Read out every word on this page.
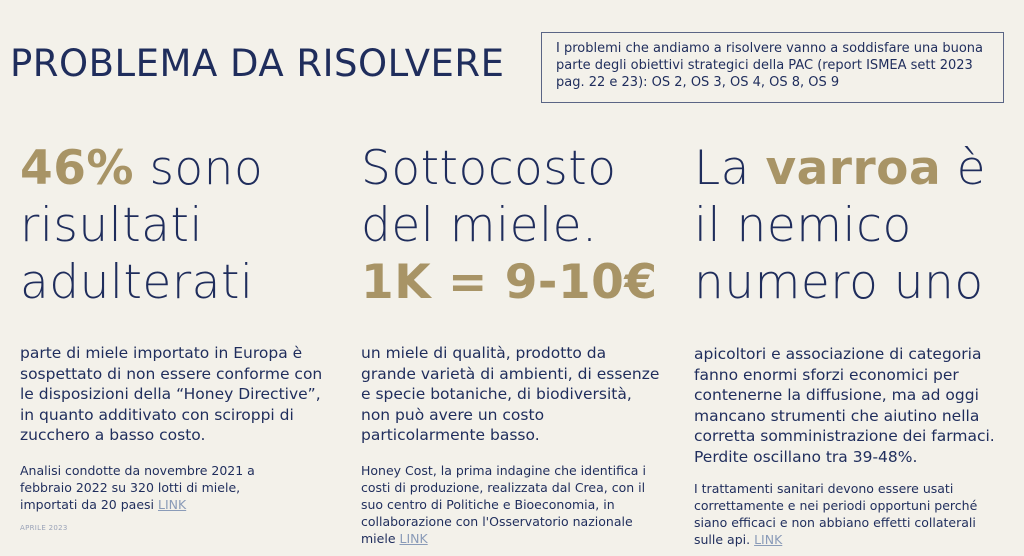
PROBLEMA DA RISOLVERE	I problemi che andiamo a risolvere vanno a soddisfare una buona parte degli obiettivi strategici della PAC (report ISMEA sett 2023 pag. 22 e 23): OS 2, OS 3, OS 4, OS 8, OS 9
46% sono
risultati
adulterati
parte di miele importato in Europa è sospettato di non essere conforme con le disposizioni della “Honey Directive”, in quanto additivato con sciroppi di zucchero a basso costo.
Analisi condotte da novembre 2021 a febbraio 2022 su 320 lotti di miele, importati da 20 paesi LINK
Sottocosto
del miele.
1K = 9-10€
un miele di qualità, prodotto da grande varietà di ambienti, di essenze e specie botaniche, di biodiversità, non può avere un costo particolarmente basso.
Honey Cost, la prima indagine che identifica i costi di produzione, realizzata dal Crea, con il suo centro di Politiche e Bioeconomia, in collaborazione con l'Osservatorio nazionale miele LINK
La varroa è
il nemico
numero uno
apicoltori e associazione di categoria fanno enormi sforzi economici per contenerne la diffusione, ma ad oggi mancano strumenti che aiutino nella corretta somministrazione dei farmaci. Perdite oscillano tra 39-48%.
I trattamenti sanitari devono essere usati correttamente e nei periodi opportuni perché siano efficaci e non abbiano effetti collaterali sulle api. LINK
APRILE 2023
